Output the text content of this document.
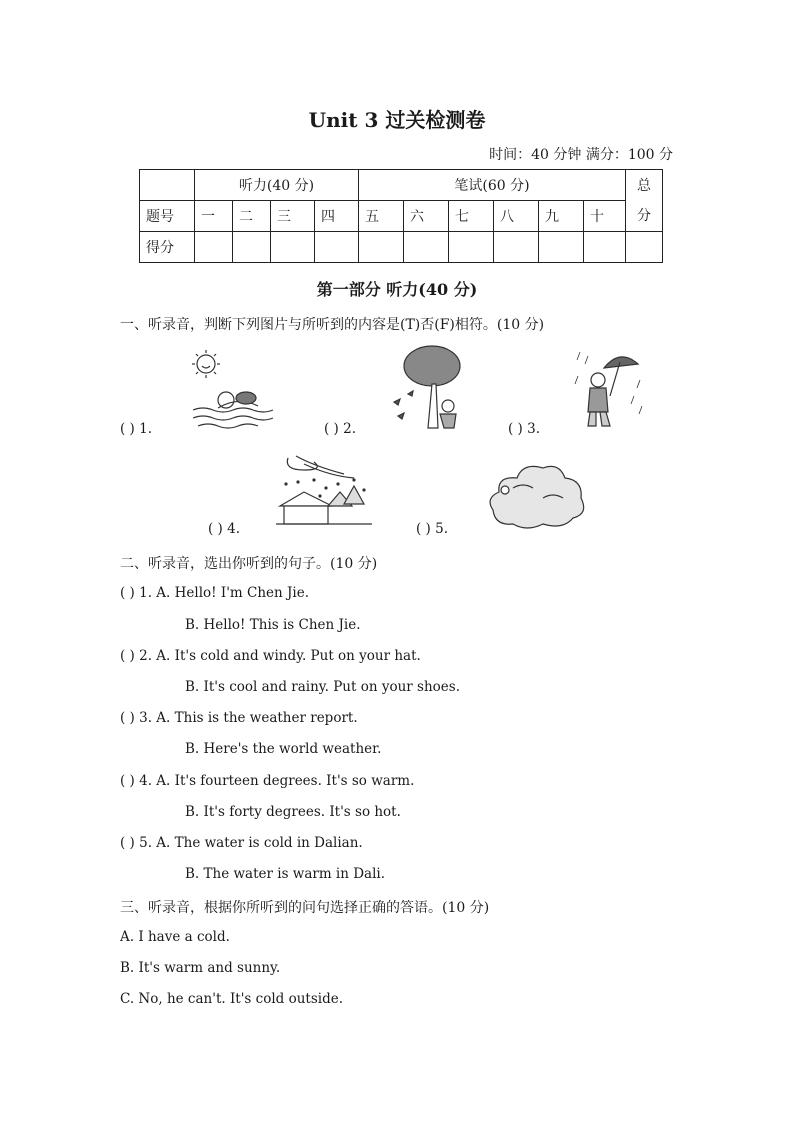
Unit 3 过关检测卷
时间：40 分钟 满分：100 分
	听力(40 分)				笔试(60 分)						总
分
题号	一	二	三	四	五	六	七	八	九	十	
得分											
第一部分 听力(40 分)
一、听录音，判断下列图片与所听到的内容是(T)否(F)相符。(10 分)
( ) 1.	( ) 2.	( ) 3.
( ) 4.	( ) 5.
二、听录音，选出你听到的句子。(10 分)
( ) 1. A. Hello! I'm Chen Jie.
B. Hello! This is Chen Jie.
( ) 2. A. It's cold and windy. Put on your hat.
B. It's cool and rainy. Put on your shoes.
( ) 3. A. This is the weather report.
B. Here's the world weather.
( ) 4. A. It's fourteen degrees. It's so warm.
B. It's forty degrees. It's so hot.
( ) 5. A. The water is cold in Dalian.
B. The water is warm in Dali.
三、听录音，根据你所听到的问句选择正确的答语。(10 分)
A. I have a cold.
B. It's warm and sunny.
C. No, he can't. It's cold outside.
